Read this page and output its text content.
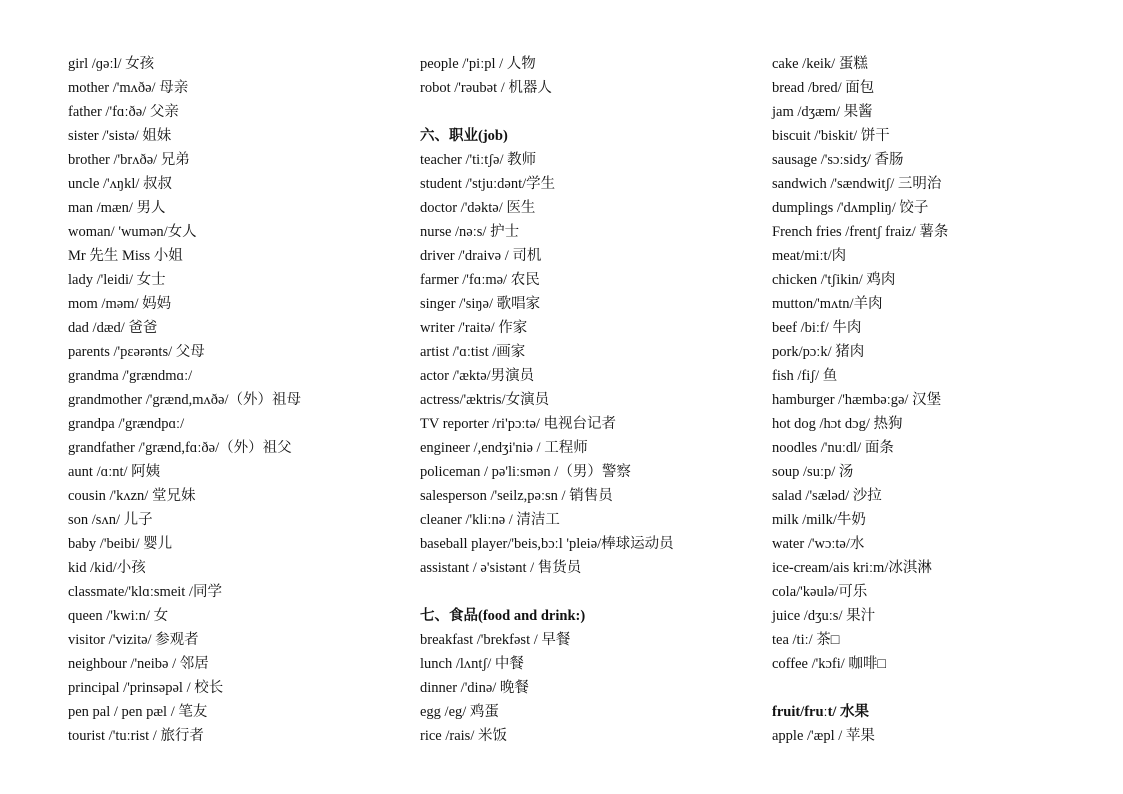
girl /ɡəːl/ 女孩
mother /'mʌðə/ 母亲
father /'fɑːðə/ 父亲
sister /'sistə/ 姐妹
brother /'brʌðə/ 兄弟
uncle /'ʌŋkl/ 叔叔
man /mæn/ 男人
woman/ 'wumən/女人
Mr 先生 Miss 小姐
lady /'leidi/ 女士
mom /məm/ 妈妈
dad /dæd/ 爸爸
parents /'pɛərənts/ 父母
grandma /'grændmɑː/
grandmother /'grænd,mʌðə/（外）祖母
grandpa /'grændpɑː/
grandfather /'grænd,fɑːðə/（外）祖父
aunt /ɑːnt/ 阿姨
cousin /'kʌzn/ 堂兄妹
son /sʌn/ 儿子
baby /'beibi/ 婴儿
kid /kid/小孩
classmate/'klɑːsmeit /同学
queen /'kwiːn/ 女
visitor /'vizitə/ 参观者
neighbour /'neibə / 邻居
principal /'prinsəpəl / 校长
pen pal / pen pæl / 笔友
tourist /'tuːrist / 旅行者
people /'piːpl / 人物
robot /'rəubət / 机器人
六、职业(job)
teacher /'tiːtʃə/ 教师
student /'stjuːdənt/学生
doctor /'dəktə/ 医生
nurse /nəːs/ 护士
driver /'draivə / 司机
farmer /'fɑːmə/ 农民
singer /'siŋə/ 歌唱家
writer /'raitə/ 作家
artist /'ɑːtist /画家
actor /'æktə/男演员
actress/'æktris/女演员
TV reporter /ri'pɔːtə/ 电视台记者
engineer /,endʒi'niə / 工程师
policeman / pə'liːsmən /（男）警察
salesperson /'seilz,pəːsn / 销售员
cleaner /'kliːnə / 清洁工
baseball player/'beis,bɔːl 'pleiə/棒球运动员
assistant / ə'sistənt / 售货员
七、食品(food and drink:)
breakfast /'brekfəst / 早餐
lunch /lʌntʃ/ 中餐
dinner /'dinə/ 晚餐
egg /eg/ 鸡蛋
rice /rais/ 米饭
cake /keik/ 蛋糕
bread /bred/ 面包
jam /dʒæm/ 果酱
biscuit /'biskit/ 饼干
sausage /'sɔːsidʒ/ 香肠
sandwich /'sændwitʃ/ 三明治
dumplings /'dʌmpliŋ/ 饺子
French fries /frentʃ fraiz/ 薯条
meat/miːt/肉
chicken /'tʃikin/ 鸡肉
mutton/'mʌtn/羊肉
beef /biːf/ 牛肉
pork/pɔːk/ 猪肉
fish /fiʃ/ 鱼
hamburger /'hæmbəːgə/ 汉堡
hot dog /hɔt dɔg/ 热狗
noodles /'nuːdl/ 面条
soup /suːp/ 汤
salad /'sæləd/ 沙拉
milk /milk/牛奶
water /'wɔːtə/水
ice-cream/ais kriːm/冰淇淋
cola/'kəulə/可乐
juice /dʒuːs/ 果汁
tea /tiː/ 茶□
coffee /'kɔfi/ 咖啡□
fruit/fruːt/ 水果
apple /'æpl / 苹果
